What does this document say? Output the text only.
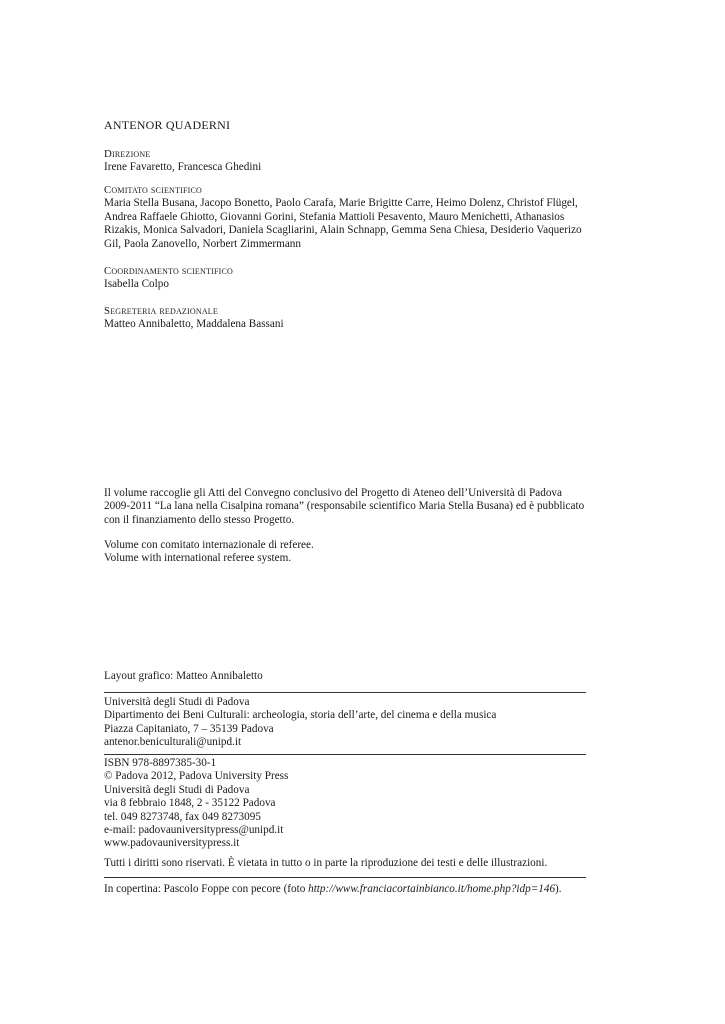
ANTENOR QUADERNI

Direzione

Irene Favaretto, Francesca Ghedini

Comitato scientifico

Maria Stella Busana, Jacopo Bonetto, Paolo Carafa, Marie Brigitte Carre, Heimo Dolenz, Christof Flügel,
Andrea Raffaele Ghiotto, Giovanni Gorini, Stefania Mattioli Pesavento, Mauro Menichetti, Athanasios
Rizakis, Monica Salvadori, Daniela Scagliarini, Alain Schnapp, Gemma Sena Chiesa, Desiderio Vaquerizo
Gil, Paola Zanovello, Norbert Zimmermann

Coordinamento scientifico

Isabella Colpo

Segreteria redazionale

Matteo Annibaletto, Maddalena Bassani

Il volume raccoglie gli Atti del Convegno conclusivo del Progetto di Ateneo dell’Università di Padova
2009-2011 “La lana nella Cisalpina romana” (responsabile scientifico Maria Stella Busana) ed è pubblicato
con il finanziamento dello stesso Progetto.
Volume con comitato internazionale di referee.
Volume with international referee system.
Layout grafico: Matteo Annibaletto
Università degli Studi di Padova
Dipartimento dei Beni Culturali: archeologia, storia dell’arte, del cinema e della musica
Piazza Capitaniato, 7 – 35139 Padova
antenor.beniculturali@unipd.it
ISBN 978-8897385-30-1
© Padova 2012, Padova University Press
Università degli Studi di Padova
via 8 febbraio 1848, 2 - 35122 Padova
tel. 049 8273748, fax 049 8273095
e-mail: padovauniversitypress@unipd.it
www.padovauniversitypress.it
Tutti i diritti sono riservati. È vietata in tutto o in parte la riproduzione dei testi e delle illustrazioni.
In copertina: Pascolo Foppe con pecore (foto http://www.franciacortainbianco.it/home.php?idp=146).
